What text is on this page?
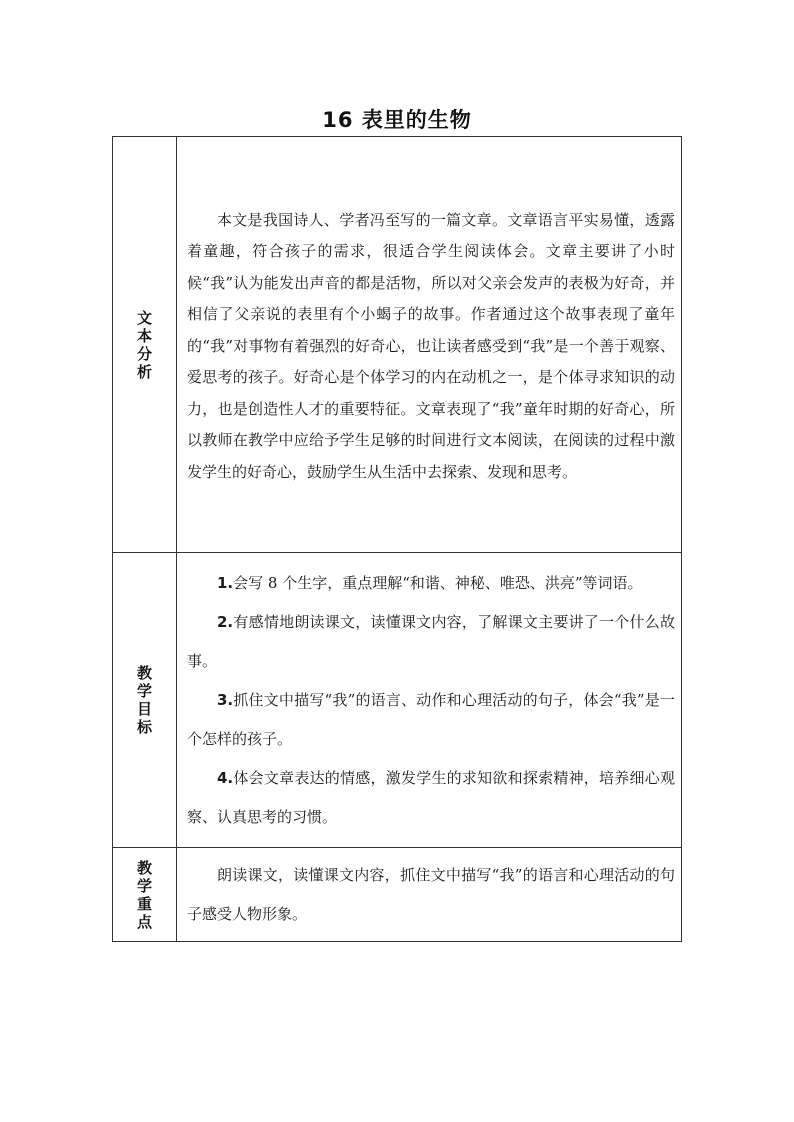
16 表里的生物
文本分析	本文是我国诗人、学者冯至写的一篇文章。文章语言平实易懂，透露着童趣，符合孩子的需求，很适合学生阅读体会。文章主要讲了小时候“我”认为能发出声音的都是活物，所以对父亲会发声的表极为好奇，并相信了父亲说的表里有个小蝎子的故事。作者通过这个故事表现了童年的“我”对事物有着强烈的好奇心，也让读者感受到“我”是一个善于观察、爱思考的孩子。好奇心是个体学习的内在动机之一，是个体寻求知识的动力，也是创造性人才的重要特征。文章表现了“我”童年时期的好奇心，所以教师在教学中应给予学生足够的时间进行文本阅读，在阅读的过程中激发学生的好奇心，鼓励学生从生活中去探索、发现和思考。

教学目标	1.会写 8 个生字，重点理解“和谐、神秘、唯恐、洪亮”等词语。

2.有感情地朗读课文，读懂课文内容，了解课文主要讲了一个什么故事。

3.抓住文中描写“我”的语言、动作和心理活动的句子，体会“我”是一个怎样的孩子。

4.体会文章表达的情感，激发学生的求知欲和探索精神，培养细心观察、认真思考的习惯。

教学重点	朗读课文，读懂课文内容，抓住文中描写“我”的语言和心理活动的句子感受人物形象。
